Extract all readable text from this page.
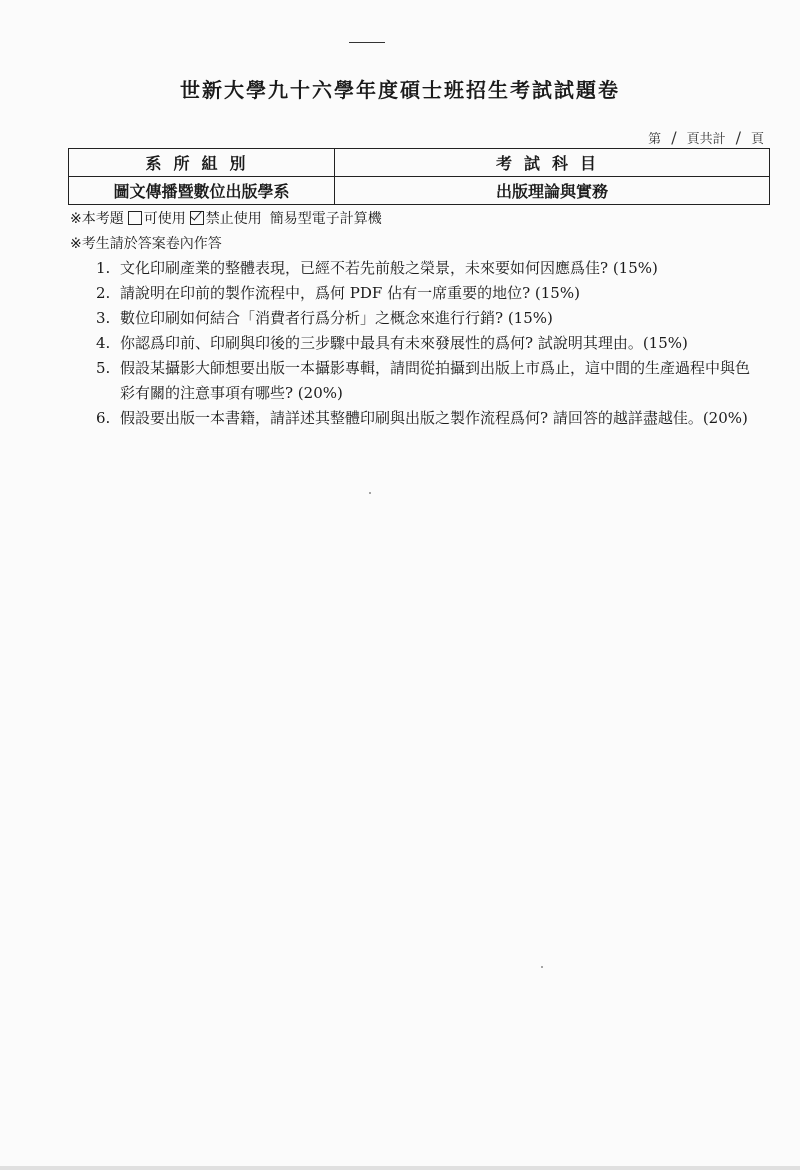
世新大學九十六學年度碩士班招生考試試題卷
第 / 頁共計 / 頁
系所組別	考試科目
圖文傳播暨數位出版學系	出版理論與實務
※本考題 可使用 禁止使用 簡易型電子計算機
※考生請於答案卷內作答
1. 文化印刷產業的整體表現，已經不若先前般之榮景，未來要如何因應爲佳? (15%)
2. 請說明在印前的製作流程中，爲何 PDF 佔有一席重要的地位? (15%)
3. 數位印刷如何結合「消費者行爲分析」之概念來進行行銷? (15%)
4. 你認爲印前、印刷與印後的三步驟中最具有未來發展性的爲何? 試說明其理由。(15%)
5. 假設某攝影大師想要出版一本攝影專輯，請問從拍攝到出版上市爲止，這中間的生產過程中與色彩有關的注意事項有哪些? (20%)
6. 假設要出版一本書籍，請詳述其整體印刷與出版之製作流程爲何? 請回答的越詳盡越佳。(20%)
